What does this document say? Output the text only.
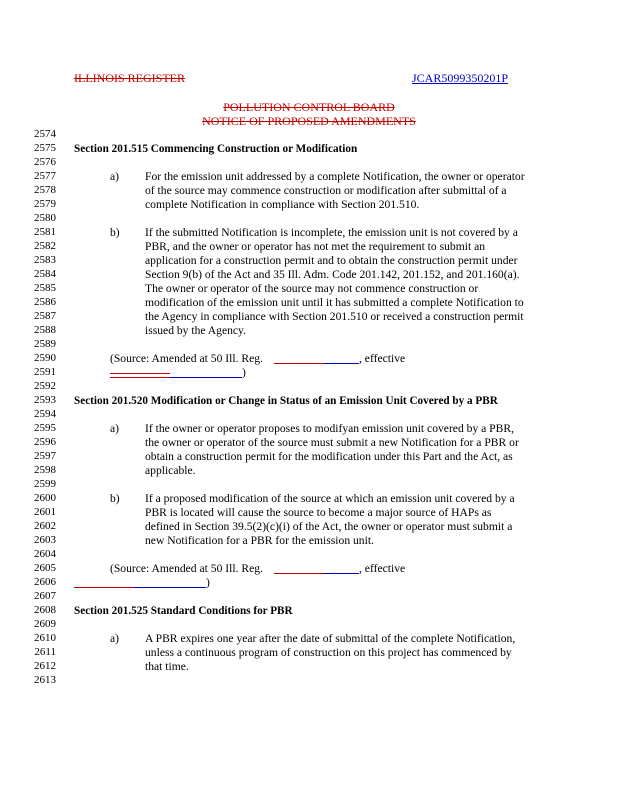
ILLINOIS REGISTER	JCAR5099350201P
POLLUTION CONTROL BOARD
NOTICE OF PROPOSED AMENDMENTS
2574
2575
2576
2577
2578
2579
2580
2581
2582
2583
2584
2585
2586
2587
2588
2589
2590
2591
2592
2593
2594
2595
2596
2597
2598
2599
2600
2601
2602
2603
2604
2605
2606
2607
2608
2609
2610
2611
2612
2613
Section 201.515 Commencing Construction or Modification
a) For the emission unit addressed by a complete Notification, the owner or operator
of the source may commence construction or modification after submittal of a
complete Notification in compliance with Section 201.510.
b) If the submitted Notification is incomplete, the emission unit is not covered by a
PBR, and the owner or operator has not met the requirement to submit an
application for a construction permit and to obtain the construction permit under
Section 9(b) of the Act and 35 Ill. Adm. Code 201.142, 201.152, and 201.160(a).
The owner or operator of the source may not commence construction or
modification of the emission unit until it has submitted a complete Notification to
the Agency in compliance with Section 201.510 or received a construction permit
issued by the Agency.
(Source: Amended at 50 Ill. Reg.	, effective
)
Section 201.520 Modification or Change in Status of an Emission Unit Covered by a PBR
a) If the owner or operator proposes to modifyan emission unit covered by a PBR,
the owner or operator of the source must submit a new Notification for a PBR or
obtain a construction permit for the modification under this Part and the Act, as
applicable.
b) If a proposed modification of the source at which an emission unit covered by a
PBR is located will cause the source to become a major source of HAPs as
defined in Section 39.5(2)(c)(i) of the Act, the owner or operator must submit a
new Notification for a PBR for the emission unit.
(Source: Amended at 50 Ill. Reg.	, effective
)
Section 201.525 Standard Conditions for PBR
a) A PBR expires one year after the date of submittal of the complete Notification,
unless a continuous program of construction on this project has commenced by
that time.
